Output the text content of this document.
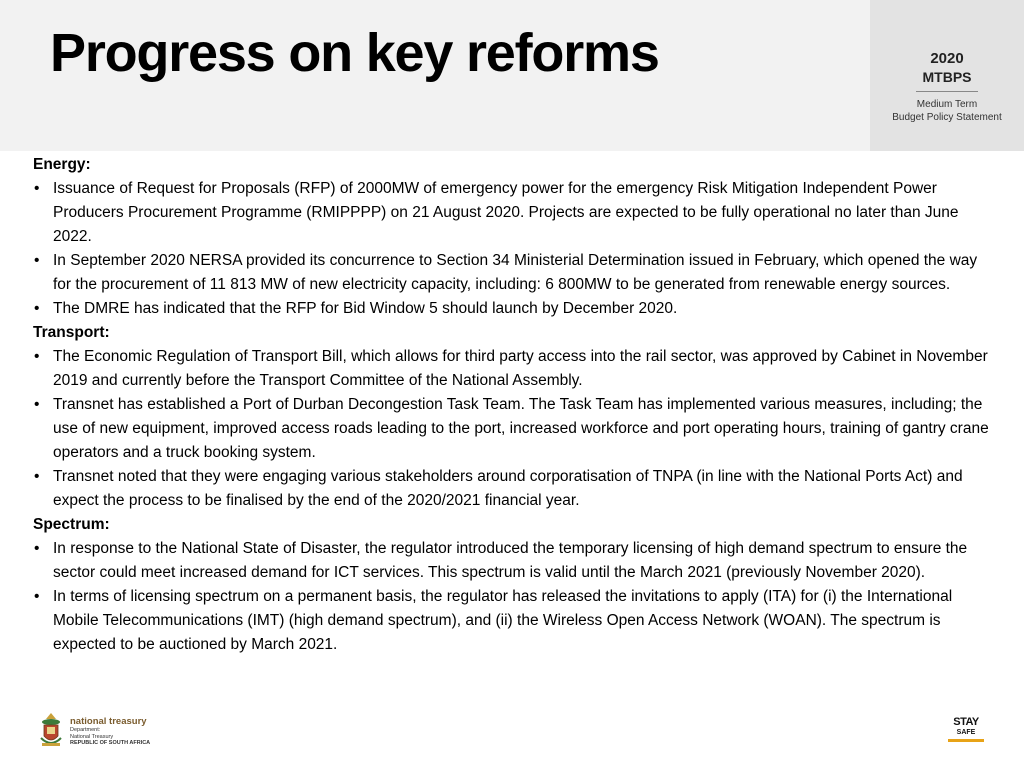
Progress on key reforms	2020
MTBPS
Medium Term
Budget Policy Statement
Energy:
• Issuance of Request for Proposals (RFP) of 2000MW of emergency power for the emergency Risk Mitigation Independent Power Producers Procurement Programme (RMIPPPP) on 21 August 2020. Projects are expected to be fully operational no later than June 2022.
• In September 2020 NERSA provided its concurrence to Section 34 Ministerial Determination issued in February, which opened the way for the procurement of 11 813 MW of new electricity capacity, including: 6 800MW to be generated from renewable energy sources.
• The DMRE has indicated that the RFP for Bid Window 5 should launch by December 2020.
Transport:
• The Economic Regulation of Transport Bill, which allows for third party access into the rail sector, was approved by Cabinet in November 2019 and currently before the Transport Committee of the National Assembly.
• Transnet has established a Port of Durban Decongestion Task Team. The Task Team has implemented various measures, including; the use of new equipment, improved access roads leading to the port, increased workforce and port operating hours, training of gantry crane operators and a truck booking system.
• Transnet noted that they were engaging various stakeholders around corporatisation of TNPA (in line with the National Ports Act) and expect the process to be finalised by the end of the 2020/2021 financial year.
Spectrum:
• In response to the National State of Disaster, the regulator introduced the temporary licensing of high demand spectrum to ensure the sector could meet increased demand for ICT services. This spectrum is valid until the March 2021 (previously November 2020).
• In terms of licensing spectrum on a permanent basis, the regulator has released the invitations to apply (ITA) for (i) the International Mobile Telecommunications (IMT) (high demand spectrum), and (ii) the Wireless Open Access Network (WOAN). The spectrum is expected to be auctioned by March 2021.
national treasury
Department:
National Treasury
REPUBLIC OF SOUTH AFRICA
STAY
SAFE
